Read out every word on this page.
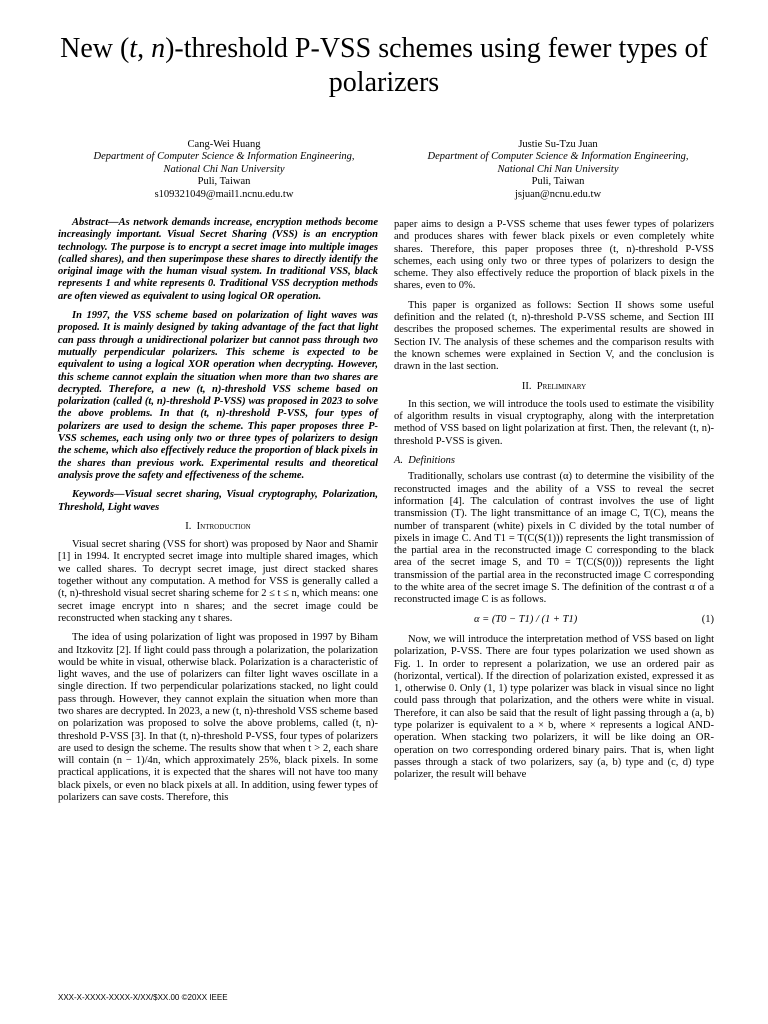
New (t, n)-threshold P-VSS schemes using fewer types of polarizers
Cang-Wei Huang
Department of Computer Science & Information Engineering,
National Chi Nan University
Puli, Taiwan
s109321049@mail1.ncnu.edu.tw
Justie Su-Tzu Juan
Department of Computer Science & Information Engineering,
National Chi Nan University
Puli, Taiwan
jsjuan@ncnu.edu.tw

Abstract—As network demands increase, encryption methods become increasingly important. Visual Secret Sharing (VSS) is an encryption technology. The purpose is to encrypt a secret image into multiple images (called shares), and then superimpose these shares to directly identify the original image with the human visual system. In traditional VSS, black represents 1 and white represents 0. Traditional VSS decryption methods are often viewed as equivalent to using logical OR operation.

In 1997, the VSS scheme based on polarization of light waves was proposed. It is mainly designed by taking advantage of the fact that light can pass through a unidirectional polarizer but cannot pass through two mutually perpendicular polarizers. This scheme is expected to be equivalent to using a logical XOR operation when decrypting. However, this scheme cannot explain the situation when more than two shares are decrypted. Therefore, a new (t, n)-threshold VSS scheme based on polarization (called (t, n)-threshold P-VSS) was proposed in 2023 to solve the above problems. In that (t, n)-threshold P-VSS, four types of polarizers are used to design the scheme. This paper proposes three P-VSS schemes, each using only two or three types of polarizers to design the scheme, which also effectively reduce the proportion of black pixels in the shares than previous work. Experimental results and theoretical analysis prove the safety and effectiveness of the scheme.

Keywords—Visual secret sharing, Visual cryptography, Polarization, Threshold, Light waves

I. Introduction

Visual secret sharing (VSS for short) was proposed by Naor and Shamir [1] in 1994. It encrypted secret image into multiple shared images, which we called shares. To decrypt secret image, just direct stacked shares together without any computation. A method for VSS is generally called a (t, n)-threshold visual secret sharing scheme for 2 ≤ t ≤ n, which means: one secret image encrypt into n shares; and the secret image could be reconstructed when stacking any t shares.

The idea of using polarization of light was proposed in 1997 by Biham and Itzkovitz [2]. If light could pass through a polarization, the polarization would be white in visual, otherwise black. Polarization is a characteristic of light waves, and the use of polarizers can filter light waves oscillate in a single direction. If two perpendicular polarizations stacked, no light could pass through. However, they cannot explain the situation when more than two shares are decrypted. In 2023, a new (t, n)-threshold VSS scheme based on polarization was proposed to solve the above problems, called (t, n)-threshold P-VSS [3]. In that (t, n)-threshold P-VSS, four types of polarizers are used to design the scheme. The results show that when t > 2, each share will contain (n − 1)/4n, which approximately 25%, black pixels. In some practical applications, it is expected that the shares will not have too many black pixels, or even no black pixels at all. In addition, using fewer types of polarizers can save costs. Therefore, this

paper aims to design a P-VSS scheme that uses fewer types of polarizers and produces shares with fewer black pixels or even completely white shares. Therefore, this paper proposes three (t, n)-threshold P-VSS schemes, each using only two or three types of polarizers to design the scheme. They also effectively reduce the proportion of black pixels in the shares, even to 0%.

This paper is organized as follows: Section II shows some useful definition and the related (t, n)-threshold P-VSS scheme, and Section III describes the proposed schemes. The experimental results are showed in Section IV. The analysis of these schemes and the comparison results with the known schemes were explained in Section V, and the conclusion is drawn in the last section.

II. Preliminary

In this section, we will introduce the tools used to estimate the visibility of algorithm results in visual cryptography, along with the interpretation method of VSS based on light polarization at first. Then, the relevant (t, n)-threshold P-VSS is given.

A. Definitions

Traditionally, scholars use contrast (α) to determine the visibility of the reconstructed images and the ability of a VSS to reveal the secret information [4]. The calculation of contrast involves the use of light transmission (T). The light transmittance of an image C, T(C), means the number of transparent (white) pixels in C divided by the total number of pixels in image C. And T1 = T(C(S(1))) represents the light transmission of the partial area in the reconstructed image C corresponding to the black area of the secret image S, and T0 = T(C(S(0))) represents the light transmission of the partial area in the reconstructed image C corresponding to the white area of the secret image S. The definition of the contrast α of a reconstructed image C is as follows.

α = (T0 − T1) / (1 + T1)	(1)

Now, we will introduce the interpretation method of VSS based on light polarization, P-VSS. There are four types polarization we used shown as Fig. 1. In order to represent a polarization, we use an ordered pair as (horizontal, vertical). If the direction of polarization existed, expressed it as 1, otherwise 0. Only (1, 1) type polarizer was black in visual since no light could pass through that polarization, and the others were white in visual. Therefore, it can also be said that the result of light passing through a (a, b) type polarizer is equivalent to a × b, where × represents a logical AND-operation. When stacking two polarizers, it will be like doing an OR-operation on two corresponding ordered binary pairs. That is, when light passes through a stack of two polarizers, say (a, b) type and (c, d) type polarizer, the result will behave

XXX-X-XXXX-XXXX-X/XX/$XX.00 ©20XX IEEE
